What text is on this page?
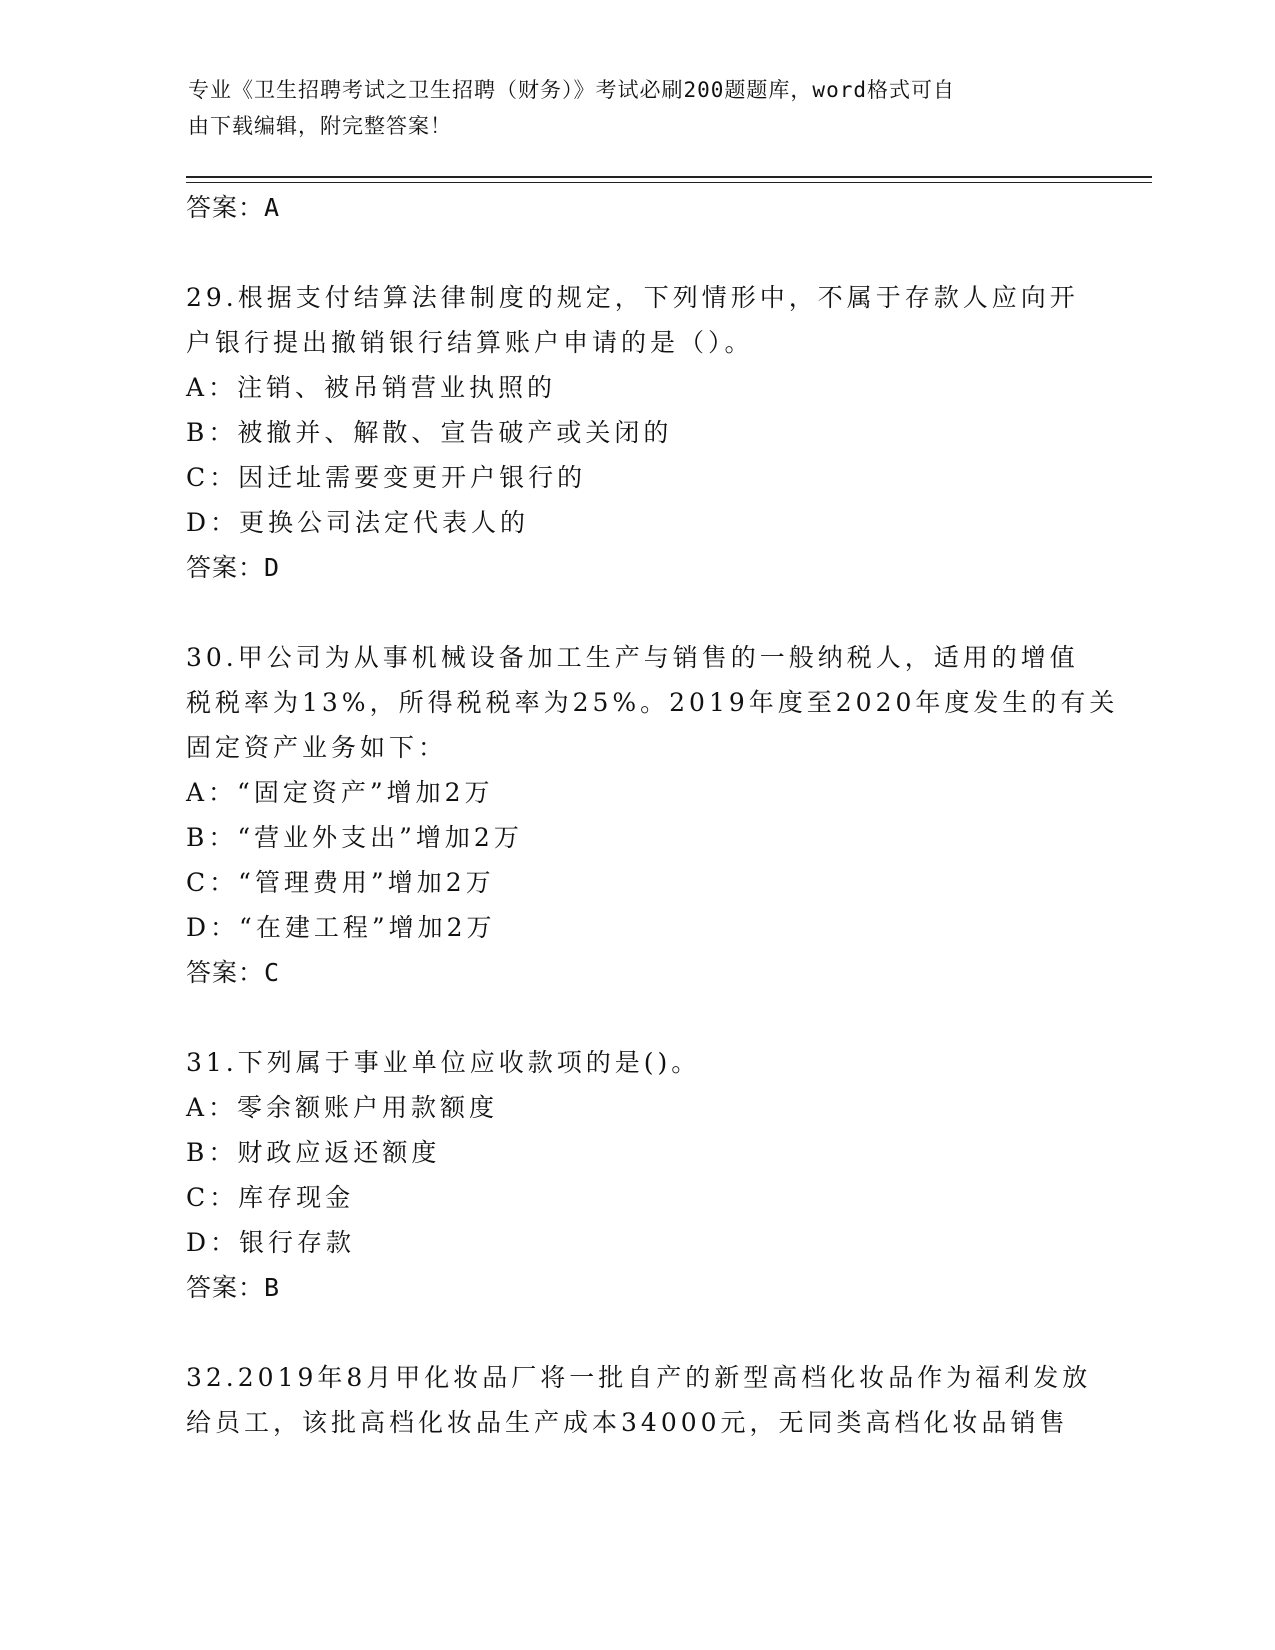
专业《卫生招聘考试之卫生招聘（财务）》考试必刷200题题库，word格式可自
由下载编辑，附完整答案！
答案：A
29.根据支付结算法律制度的规定，下列情形中，不属于存款人应向开
户银行提出撤销银行结算账户申请的是（）。
A：注销、被吊销营业执照的
B：被撤并、解散、宣告破产或关闭的
C：因迁址需要变更开户银行的
D：更换公司法定代表人的
答案：D
30.甲公司为从事机械设备加工生产与销售的一般纳税人，适用的增值
税税率为13%，所得税税率为25%。2019年度至2020年度发生的有关
固定资产业务如下：
A：“固定资产”增加2万
B：“营业外支出”增加2万
C：“管理费用”增加2万
D：“在建工程”增加2万
答案：C
31.下列属于事业单位应收款项的是()。
A：零余额账户用款额度
B：财政应返还额度
C：库存现金
D：银行存款
答案：B
32.2019年8月甲化妆品厂将一批自产的新型高档化妆品作为福利发放
给员工，该批高档化妆品生产成本34000元，无同类高档化妆品销售
